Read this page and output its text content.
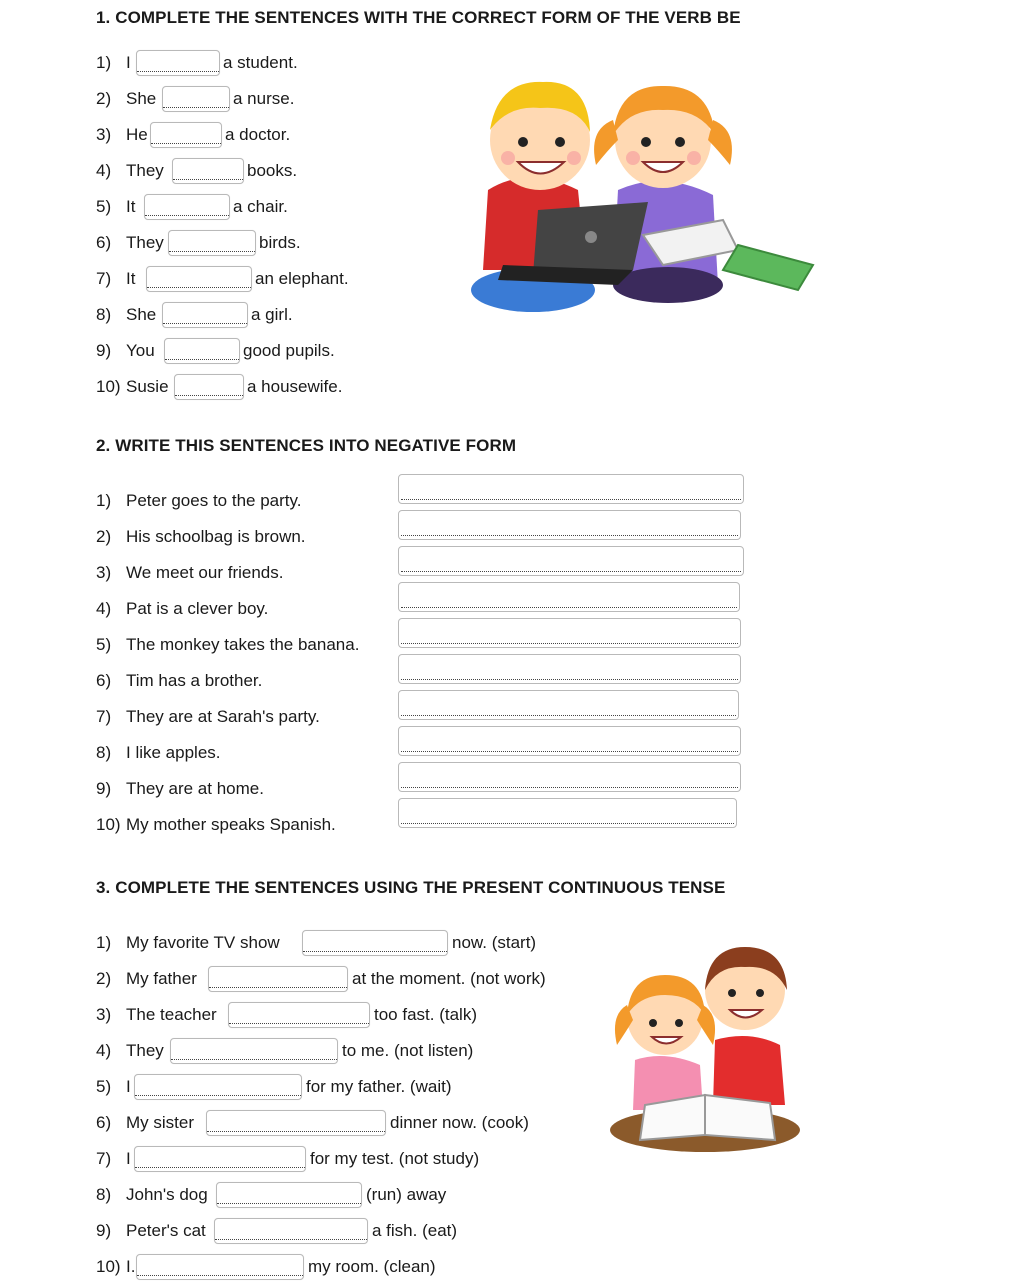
1. COMPLETE THE SENTENCES WITH THE CORRECT FORM OF THE VERB BE
1) I	a student.
2) She	a nurse.
3) He	a doctor.
4) They	books.
5) It	a chair.
6) They	birds.
7) It	an elephant.
8) She	a girl.
9) You	good pupils.
10) Susie	a housewife.
2. WRITE THIS SENTENCES INTO NEGATIVE FORM
1) Peter goes to the party.
2) His schoolbag is brown.
3) We meet our friends.
4) Pat is a clever boy.
5) The monkey takes the banana.
6) Tim has a brother.
7) They are at Sarah's party.
8) I like apples.
9) They are at home.
10) My mother speaks Spanish.
3. COMPLETE THE SENTENCES USING THE PRESENT CONTINUOUS TENSE
1) My favorite TV show	now. (start)
2) My father	at the moment. (not work)
3) The teacher	too fast. (talk)
4) They	to me. (not listen)
5) I	for my father. (wait)
6) My sister	dinner now. (cook)
7) I	for my test. (not study)
8) John's dog	(run) away
9) Peter's cat	a fish. (eat)
10) I.	my room. (clean)
